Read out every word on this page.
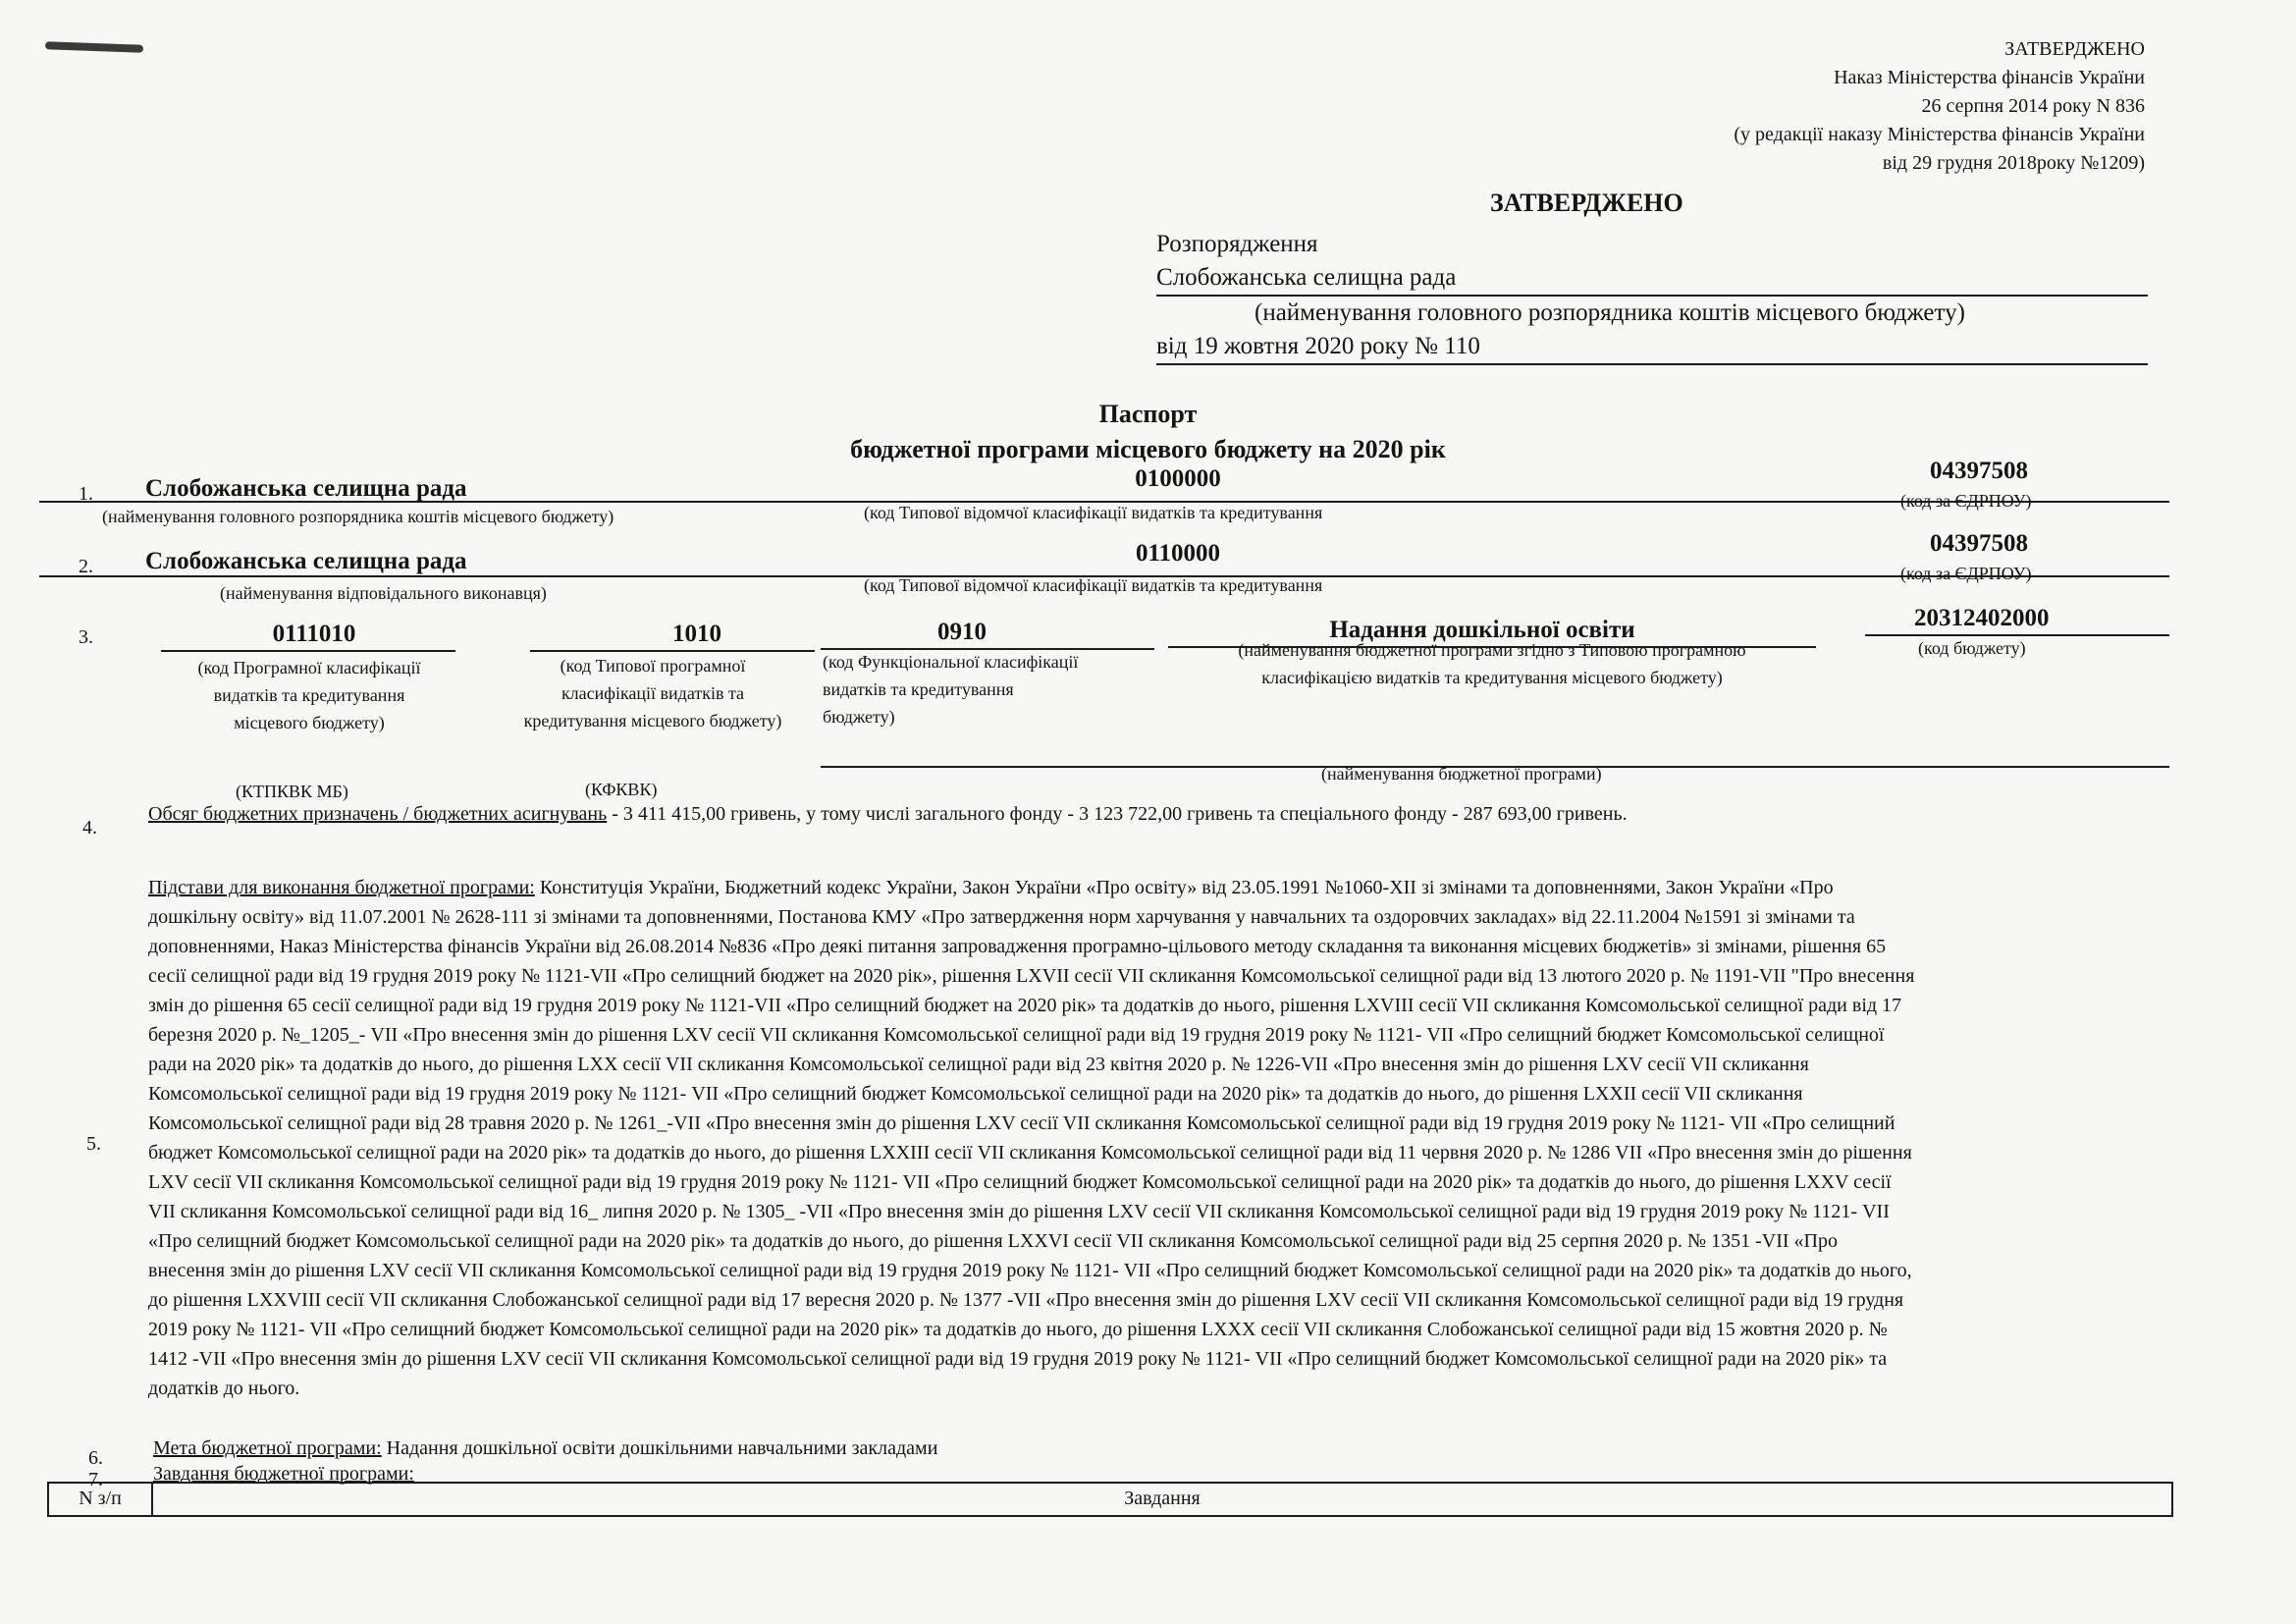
ЗАТВЕРДЖЕНО
Наказ Міністерства фінансів України
26 серпня 2014 року N 836
(у редакції наказу Міністерства фінансів України
від 29 грудня 2018року №1209)
ЗАТВЕРДЖЕНО
Розпорядження
Слобожанська селищна рада
(найменування головного розпорядника коштів місцевого бюджету)
від 19 жовтня 2020 року № 110
Паспорт
бюджетної програми місцевого бюджету на 2020 рік
1. Слобожанська селищна рада	0100000	04397508
(найменування головного розпорядника коштів місцевого бюджету)	(код Типової відомчої класифікації видатків та кредитування
(код за ЄДРПОУ)
2. Слобожанська селищна рада	0110000	04397508
(найменування відповідального виконавця)	(код Типової відомчої класифікації видатків та кредитування
(код за ЄДРПОУ)
3.	0111010	1010	0910	Надання дошкільної освіти	20312402000
(код Програмної класифікації
видатків та кредитування
місцевого бюджету)
(код Типової програмної
класифікації видатків та
кредитування місцевого бюджету)
(код Функціональної класифікації
видатків та кредитування
бюджету)
(найменування бюджетної програми згідно з Типовою програмною
класифікацією видатків та кредитування місцевого бюджету)
(код бюджету)
(КТПКВК МБ)	(КФКВК)
(найменування бюджетної програми)
4.
Обсяг бюджетних призначень / бюджетних асигнувань - 3 411 415,00 гривень, у тому числі загального фонду - 3 123 722,00 гривень та спеціального фонду - 287 693,00 гривень.
5.
Підстави для виконання бюджетної програми: Конституція України, Бюджетний кодекс України, Закон України «Про освіту» від 23.05.1991 №1060-XII зі змінами та доповненнями, Закон України «Про
дошкільну освіту» від 11.07.2001 № 2628-111 зі змінами та доповненнями, Постанова КМУ «Про затвердження норм харчування у навчальних та оздоровчих закладах» від 22.11.2004 №1591 зі змінами та
доповненнями, Наказ Міністерства фінансів України від 26.08.2014 №836 «Про деякі питання запровадження програмно-цільового методу складання та виконання місцевих бюджетів» зі змінами, рішення 65
сесії селищної ради від 19 грудня 2019 року № 1121-VII «Про селищний бюджет на 2020 рік», рішення LXVII сесії VII скликання Комсомольської селищної ради від 13 лютого 2020 р. № 1191-VII "Про внесення
змін до рішення 65 сесії селищної ради від 19 грудня 2019 року № 1121-VII «Про селищний бюджет на 2020 рік» та додатків до нього, рішення LXVIII сесії VII скликання Комсомольської селищної ради від 17
березня 2020 р. №_1205_- VII «Про внесення змін до рішення LXV сесії VII скликання Комсомольської селищної ради від 19 грудня 2019 року № 1121- VII «Про селищний бюджет Комсомольської селищної
ради на 2020 рік» та додатків до нього, до рішення LXX сесії VII скликання Комсомольської селищної ради від 23 квітня 2020 р. № 1226-VII «Про внесення змін до рішення LXV сесії VII скликання
Комсомольської селищної ради від 19 грудня 2019 року № 1121- VII «Про селищний бюджет Комсомольської селищної ради на 2020 рік» та додатків до нього, до рішення LXXII сесії VII скликання
Комсомольської селищної ради від 28 травня 2020 р. № 1261_-VII «Про внесення змін до рішення LXV сесії VII скликання Комсомольської селищної ради від 19 грудня 2019 року № 1121- VII «Про селищний
бюджет Комсомольської селищної ради на 2020 рік» та додатків до нього, до рішення LXXIII сесії VII скликання Комсомольської селищної ради від 11 червня 2020 р. № 1286 VII «Про внесення змін до рішення
LXV сесії VII скликання Комсомольської селищної ради від 19 грудня 2019 року № 1121- VII «Про селищний бюджет Комсомольської селищної ради на 2020 рік» та додатків до нього, до рішення LXXV сесії
VII скликання Комсомольської селищної ради від 16_ липня 2020 р. № 1305_ -VII «Про внесення змін до рішення LXV сесії VII скликання Комсомольської селищної ради від 19 грудня 2019 року № 1121- VII
«Про селищний бюджет Комсомольської селищної ради на 2020 рік» та додатків до нього, до рішення LXXVI сесії VII скликання Комсомольської селищної ради від 25 серпня 2020 р. № 1351 -VII «Про
внесення змін до рішення LXV сесії VII скликання Комсомольської селищної ради від 19 грудня 2019 року № 1121- VII «Про селищний бюджет Комсомольської селищної ради на 2020 рік» та додатків до нього,
до рішення LXXVIII сесії VII скликання Слобожанської селищної ради від 17 вересня 2020 р. № 1377 -VII «Про внесення змін до рішення LXV сесії VII скликання Комсомольської селищної ради від 19 грудня
2019 року № 1121- VII «Про селищний бюджет Комсомольської селищної ради на 2020 рік» та додатків до нього, до рішення LXXX сесії VII скликання Слобожанської селищної ради від 15 жовтня 2020 р. №
1412 -VII «Про внесення змін до рішення LXV сесії VII скликання Комсомольської селищної ради від 19 грудня 2019 року № 1121- VII «Про селищний бюджет Комсомольської селищної ради на 2020 рік» та
додатків до нього.
6.	Мета бюджетної програми: Надання дошкільної освіти дошкільними навчальними закладами
7.	Завдання бюджетної програми:
N з/п	Завдання
